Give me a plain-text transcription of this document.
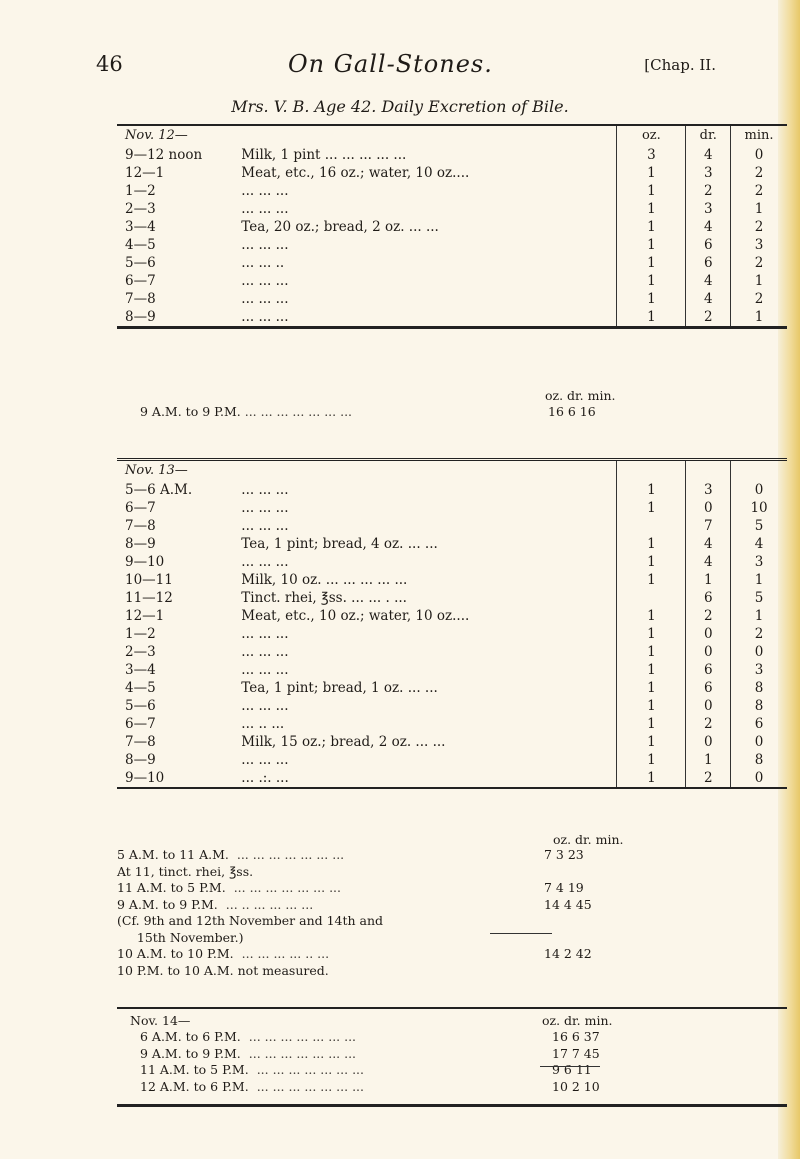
46	On Gall-Stones.	[Chap. II.
Mrs. V. B. Age 42. Daily Excretion of Bile.
Nov. 12—		oz.	dr.	min.
9—12 noon	Milk, 1 pint ... ... ... ... ...	3	4	0
12—1	Meat, etc., 16 oz.; water, 10 oz....	1	3	2
1—2	... ... ...	1	2	2
2—3	... ... ...	1	3	1
3—4	Tea, 20 oz.; bread, 2 oz. ... ...	1	4	2
4—5	... ... ...	1	6	3
5—6	... ... ..	1	6	2
6—7	... ... ...	1	4	1
7—8	... ... ...	1	4	2
8—9	... ... ...	1	2	1
oz. dr. min.
9 A.M. to 9 P.M. ... ... ... ... ... ... ...	16 6 16
Nov. 13—				
5—6 A.M.	... ... ...	1	3	0
6—7	... ... ...	1	0	10
7—8	... ... ...		7	5
8—9	Tea, 1 pint; bread, 4 oz. ... ...	1	4	4
9—10	... ... ...	1	4	3
10—11	Milk, 10 oz. ... ... ... ... ...	1	1	1
11—12	Tinct. rhei, ℥ss. ... ... . ...		6	5
12—1	Meat, etc., 10 oz.; water, 10 oz....	1	2	1
1—2	... ... ...	1	0	2
2—3	... ... ...	1	0	0
3—4	... ... ...	1	6	3
4—5	Tea, 1 pint; bread, 1 oz. ... ...	1	6	8
5—6	... ... ...	1	0	8
6—7	... .. ...	1	2	6
7—8	Milk, 15 oz.; bread, 2 oz. ... ...	1	0	0
8—9	... ... ...	1	1	8
9—10	... .:. ...	1	2	0
oz. dr. min.
5 A.M. to 11 A.M. ... ... ... ... ... ... ...	7 3 23
At 11, tinct. rhei, ℥ss.
11 A.M. to 5 P.M. ... ... ... ... ... ... ...	7 4 19
9 A.M. to 9 P.M. ... .. ... ... ... ...	14 4 45
(Cf. 9th and 12th November and 14th and
15th November.)
10 A.M. to 10 P.M. ... ... ... ... .. ...	14 2 42
10 P.M. to 10 A.M. not measured.
Nov. 14—	oz. dr. min.
6 A.M. to 6 P.M. ... ... ... ... ... ... ...	16 6 37
9 A.M. to 9 P.M. ... ... ... ... ... ... ...	17 7 45
11 A.M. to 5 P.M. ... ... ... ... ... ... ...	9 6 11
12 A.M. to 6 P.M. ... ... ... ... ... ... ...	10 2 10
